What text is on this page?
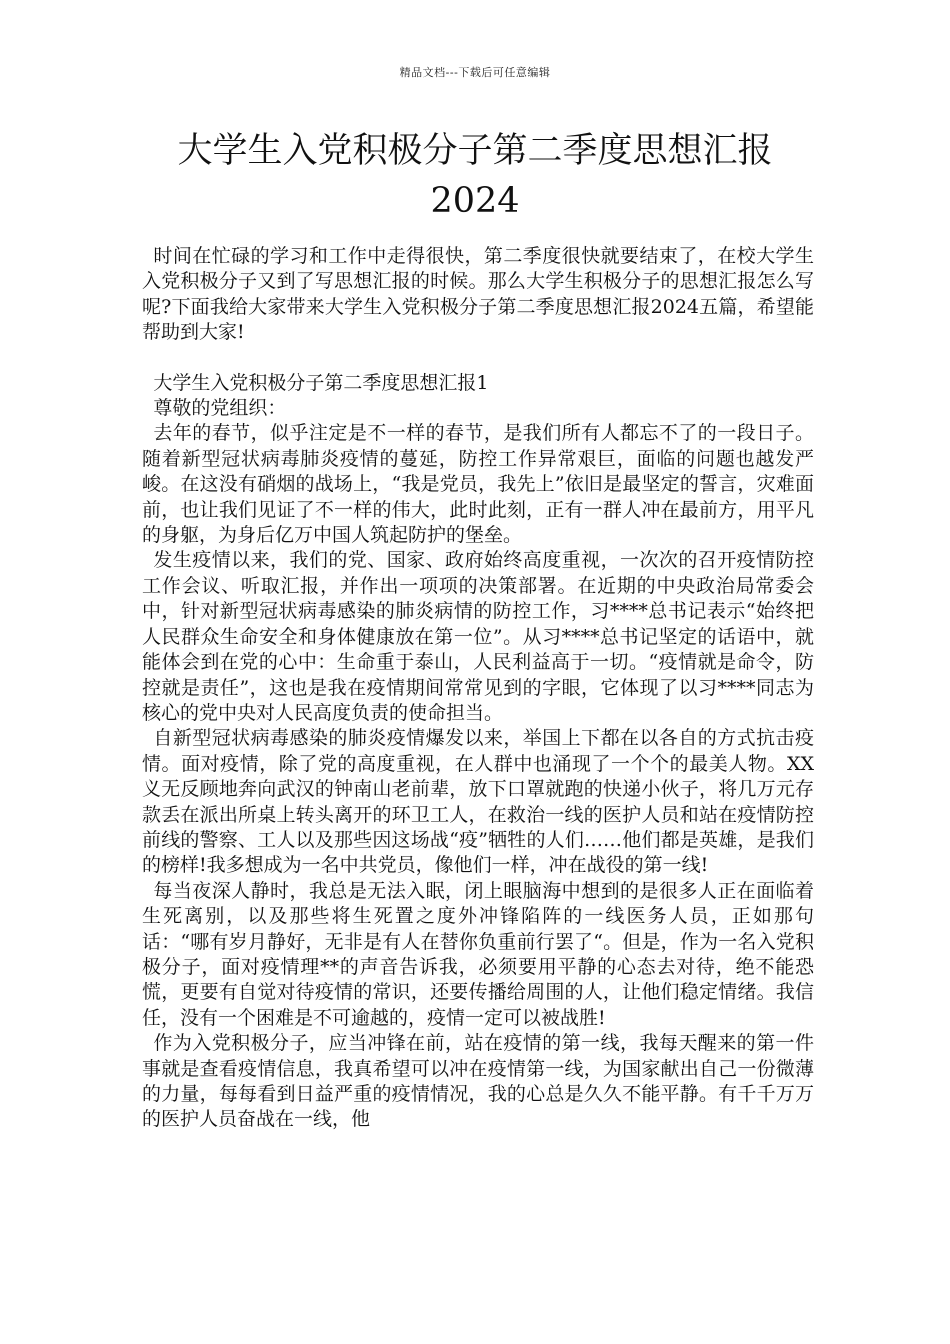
精品文档---下载后可任意编辑
大学生入党积极分子第二季度思想汇报
2024

时间在忙碌的学习和工作中走得很快，第二季度很快就要结束了，在校大学生入党积极分子又到了写思想汇报的时候。那么大学生积极分子的思想汇报怎么写呢?下面我给大家带来大学生入党积极分子第二季度思想汇报2024五篇，希望能帮助到大家!

大学生入党积极分子第二季度思想汇报1

尊敬的党组织：

去年的春节，似乎注定是不一样的春节，是我们所有人都忘不了的一段日子。随着新型冠状病毒肺炎疫情的蔓延，防控工作异常艰巨，面临的问题也越发严峻。在这没有硝烟的战场上，“我是党员，我先上”依旧是最坚定的誓言，灾难面前，也让我们见证了不一样的伟大，此时此刻，正有一群人冲在最前方，用平凡的身躯，为身后亿万中国人筑起防护的堡垒。

发生疫情以来，我们的党、国家、政府始终高度重视，一次次的召开疫情防控工作会议、听取汇报，并作出一项项的决策部署。在近期的中央政治局常委会中，针对新型冠状病毒感染的肺炎病情的防控工作，习****总书记表示“始终把人民群众生命安全和身体健康放在第一位”。从习****总书记坚定的话语中，就能体会到在党的心中：生命重于泰山，人民利益高于一切。“疫情就是命令，防控就是责任”，这也是我在疫情期间常常见到的字眼，它体现了以习****同志为核心的党中央对人民高度负责的使命担当。

自新型冠状病毒感染的肺炎疫情爆发以来，举国上下都在以各自的方式抗击疫情。面对疫情，除了党的高度重视，在人群中也涌现了一个个的最美人物。XX义无反顾地奔向武汉的钟南山老前辈，放下口罩就跑的快递小伙子，将几万元存款丢在派出所桌上转头离开的环卫工人，在救治一线的医护人员和站在疫情防控前线的警察、工人以及那些因这场战“疫”牺牲的人们……他们都是英雄，是我们的榜样!我多想成为一名中共党员，像他们一样，冲在战役的第一线!

每当夜深人静时，我总是无法入眠，闭上眼脑海中想到的是很多人正在面临着生死离别，以及那些将生死置之度外冲锋陷阵的一线医务人员，正如那句话：“哪有岁月静好，无非是有人在替你负重前行罢了“。但是，作为一名入党积极分子，面对疫情理**的声音告诉我，必须要用平静的心态去对待，绝不能恐慌，更要有自觉对待疫情的常识，还要传播给周围的人，让他们稳定情绪。我信任，没有一个困难是不可逾越的，疫情一定可以被战胜!

作为入党积极分子，应当冲锋在前，站在疫情的第一线，我每天醒来的第一件事就是查看疫情信息，我真希望可以冲在疫情第一线，为国家献出自己一份微薄的力量，每每看到日益严重的疫情情况，我的心总是久久不能平静。有千千万万的医护人员奋战在一线，他
